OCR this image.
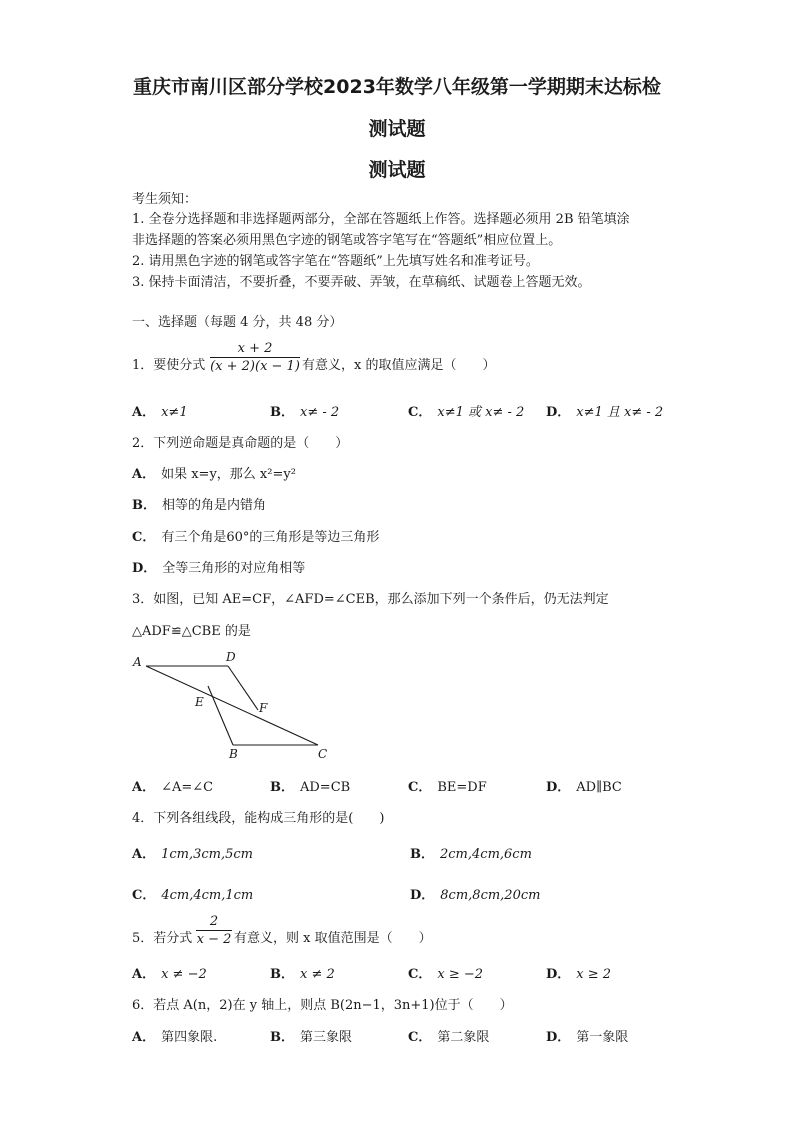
重庆市南川区部分学校2023年数学八年级第一学期期末达标检
测试题
测试题
考生须知：
1. 全卷分选择题和非选择题两部分，全部在答题纸上作答。选择题必须用 2B 铅笔填涂
非选择题的答案必须用黑色字迹的钢笔或答字笔写在“答题纸”相应位置上。
2. 请用黑色字迹的钢笔或答字笔在“答题纸”上先填写姓名和准考证号。
3. 保持卡面清洁，不要折叠，不要弄破、弄皱，在草稿纸、试题卷上答题无效。
一、选择题（每题 4 分，共 48 分）
1．要使分式
x + 2
(x + 2)(x − 1) 有意义，x 的取值应满足（　　）
A． x≠1	B． x≠ - 2	C． x≠1 或 x≠ - 2 D． x≠1 且 x≠ - 2
2．下列逆命题是真命题的是（　　）
A． 如果 x=y，那么 x²=y²
B． 相等的角是内错角
C． 有三个角是60°的三角形是等边三角形
D． 全等三角形的对应角相等
3．如图，已知 AE=CF，∠AFD=∠CEB，那么添加下列一个条件后，仍无法判定
△ADF≌△CBE 的是
A	D
E	F
B	C
A． ∠A=∠C	B． AD=CB	C． BE=DF	D． AD∥BC
4．下列各组线段，能构成三角形的是(　　)
A． 1cm,3cm,5cm	B． 2cm,4cm,6cm
C． 4cm,4cm,1cm	D． 8cm,8cm,20cm
5．若分式
2
x − 2 有意义，则 x 取值范围是（　　）
A． x ≠ −2	B． x ≠ 2	C． x ≥ −2	D． x ≥ 2
6．若点 A(n，2)在 y 轴上，则点 B(2n−1，3n+1)位于（　　）
A． 第四象限.	B． 第三象限	C． 第二象限	D． 第一象限
